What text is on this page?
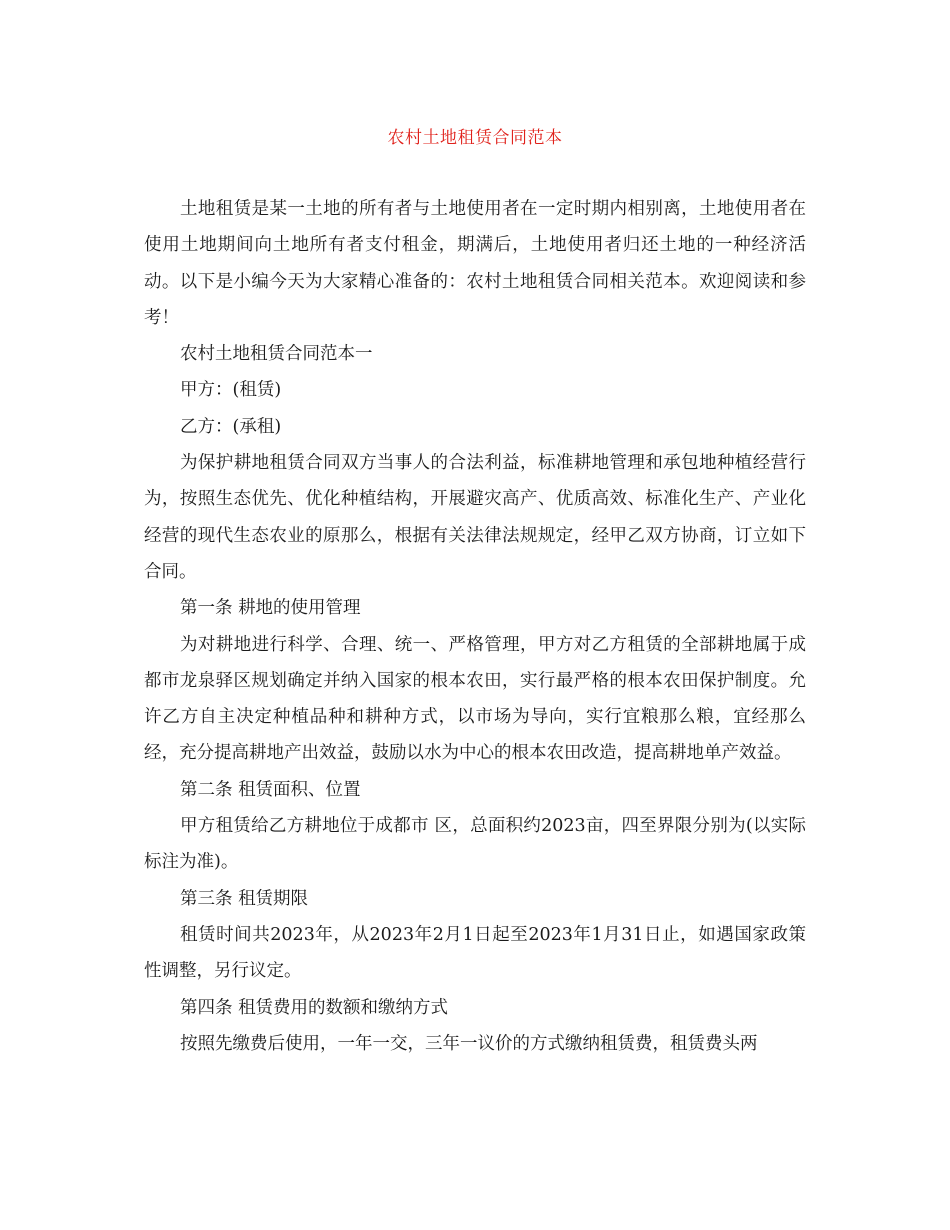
农村土地租赁合同范本

土地租赁是某一土地的所有者与土地使用者在一定时期内相别离，土地使用者在使用土地期间向土地所有者支付租金，期满后，土地使用者归还土地的一种经济活动。以下是小编今天为大家精心准备的：农村土地租赁合同相关范本。欢迎阅读和参考！

农村土地租赁合同范本一

甲方：(租赁)

乙方：(承租)

为保护耕地租赁合同双方当事人的合法利益，标准耕地管理和承包地种植经营行为，按照生态优先、优化种植结构，开展避灾高产、优质高效、标准化生产、产业化经营的现代生态农业的原那么，根据有关法律法规规定，经甲乙双方协商，订立如下合同。

第一条 耕地的使用管理

为对耕地进行科学、合理、统一、严格管理，甲方对乙方租赁的全部耕地属于成都市龙泉驿区规划确定并纳入国家的根本农田，实行最严格的根本农田保护制度。允许乙方自主决定种植品种和耕种方式，以市场为导向，实行宜粮那么粮，宜经那么经，充分提高耕地产出效益，鼓励以水为中心的根本农田改造，提高耕地单产效益。

第二条 租赁面积、位置

甲方租赁给乙方耕地位于成都市 区，总面积约2023亩，四至界限分别为(以实际标注为准)。

第三条 租赁期限

租赁时间共2023年，从2023年2月1日起至2023年1月31日止，如遇国家政策性调整，另行议定。

第四条 租赁费用的数额和缴纳方式

按照先缴费后使用，一年一交，三年一议价的方式缴纳租赁费，租赁费头两
